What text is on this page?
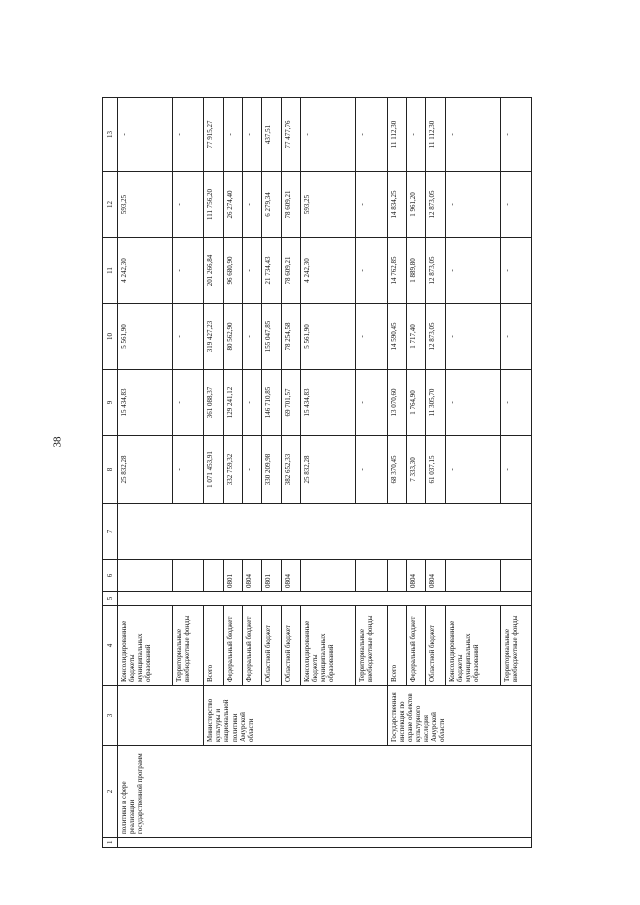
38
1	2	3	4	5	6	7	8	9	10	11	12	13
	политики в сфере реализации государственной программ		Консолидированные бюджеты муниципальных образований				25 832,28	15 434,83	5 561,90	4 242,30	593,25	-
			Территориальные внебюджетные фонды				-	-	-	-	-	-
		Министерство культуры и национальной политики Амурской области	Всего				1 071 453,91	361 088,37	319 427,23	201 266,84	111 756,20	77 915,27
			Федеральный бюджет		0801		332 759,32	129 241,12	80 562,90	96 680,90	26 274,40	-
			Федеральный бюджет		0804		-	-	-	-	-	-
			Областной бюджет		0801		330 209,98	146 710,85	155 047,85	21 734,43	6 279,34	437,51
			Областной бюджет		0804		382 652,33	69 701,57	78 254,58	78 609,21	78 609,21	77 477,76
			Консолидированные бюджеты муниципальных образований				25 832,28	15 434,83	5 561,90	4 242,30	593,25	-
			Территориальные внебюджетные фонды				-	-	-	-	-	-
		Государственная инспекция по охране объектов культурного наследия Амурской области	Всего				68 370,45	13 070,60	14 590,45	14 762,85	14 834,25	11 112,30
			Федеральный бюджет		0804		7 333,30	1 764,90	1 717,40	1 889,80	1 961,20	-
			Областной бюджет		0804		61 037,15	11 305,70	12 873,05	12 873,05	12 873,05	11 112,30
			Консолидированные бюджеты муниципальных образований				-	-	-	-	-	-
			Территориальные внебюджетные фонды				-	-	-	-	-	-
